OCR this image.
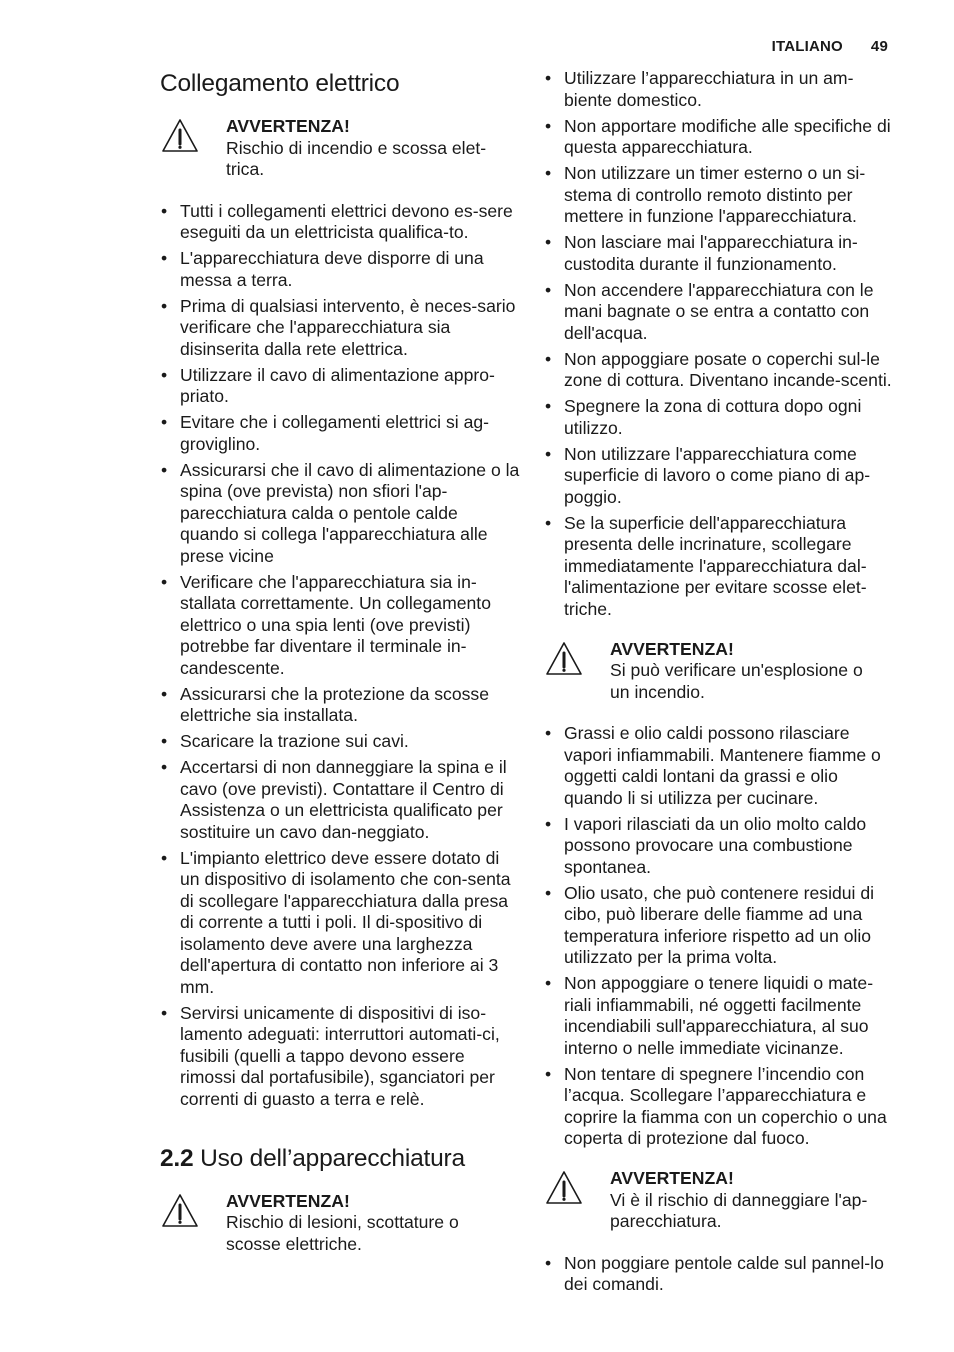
ITALIANO 49
Collegamento elettrico
AVVERTENZA!
Rischio di incendio e scossa elet-trica.
• Tutti i collegamenti elettrici devono es-sere eseguiti da un elettricista qualifica-to.
• L'apparecchiatura deve disporre di una messa a terra.
• Prima di qualsiasi intervento, è neces-sario verificare che l'apparecchiatura sia disinserita dalla rete elettrica.
• Utilizzare il cavo di alimentazione appro-priato.
• Evitare che i collegamenti elettrici si ag-groviglino.
• Assicurarsi che il cavo di alimentazione o la spina (ove prevista) non sfiori l'ap-parecchiatura calda o pentole calde quando si collega l'apparecchiatura alle prese vicine
• Verificare che l'apparecchiatura sia in-stallata correttamente. Un collegamento elettrico o una spia lenti (ove previsti) potrebbe far diventare il terminale in-candescente.
• Assicurarsi che la protezione da scosse elettriche sia installata.
• Scaricare la trazione sui cavi.
• Accertarsi di non danneggiare la spina e il cavo (ove previsti). Contattare il Centro di Assistenza o un elettricista qualificato per sostituire un cavo dan-neggiato.
• L'impianto elettrico deve essere dotato di un dispositivo di isolamento che con-senta di scollegare l'apparecchiatura dalla presa di corrente a tutti i poli. Il di-spositivo di isolamento deve avere una larghezza dell'apertura di contatto non inferiore ai 3 mm.
• Servirsi unicamente di dispositivi di iso-lamento adeguati: interruttori automati-ci, fusibili (quelli a tappo devono essere rimossi dal portafusibile), sganciatori per correnti di guasto a terra e relè.
2.2 Uso dell’apparecchiatura
AVVERTENZA!
Rischio di lesioni, scottature o scosse elettriche.
• Utilizzare l’apparecchiatura in un am-biente domestico.
• Non apportare modifiche alle specifiche di questa apparecchiatura.
• Non utilizzare un timer esterno o un si-stema di controllo remoto distinto per mettere in funzione l'apparecchiatura.
• Non lasciare mai l'apparecchiatura in-custodita durante il funzionamento.
• Non accendere l'apparecchiatura con le mani bagnate o se entra a contatto con dell'acqua.
• Non appoggiare posate o coperchi sul-le zone di cottura. Diventano incande-scenti.
• Spegnere la zona di cottura dopo ogni utilizzo.
• Non utilizzare l'apparecchiatura come superficie di lavoro o come piano di ap-poggio.
• Se la superficie dell'apparecchiatura presenta delle incrinature, scollegare immediatamente l'apparecchiatura dal-l'alimentazione per evitare scosse elet-triche.
AVVERTENZA!
Si può verificare un'esplosione o un incendio.
• Grassi e olio caldi possono rilasciare vapori infiammabili. Mantenere fiamme o oggetti caldi lontani da grassi e olio quando li si utilizza per cucinare.
• I vapori rilasciati da un olio molto caldo possono provocare una combustione spontanea.
• Olio usato, che può contenere residui di cibo, può liberare delle fiamme ad una temperatura inferiore rispetto ad un olio utilizzato per la prima volta.
• Non appoggiare o tenere liquidi o mate-riali infiammabili, né oggetti facilmente incendiabili sull'apparecchiatura, al suo interno o nelle immediate vicinanze.
• Non tentare di spegnere l’incendio con l’acqua. Scollegare l’apparecchiatura e coprire la fiamma con un coperchio o una coperta di protezione dal fuoco.
AVVERTENZA!
Vi è il rischio di danneggiare l'ap-parecchiatura.
• Non poggiare pentole calde sul pannel-lo dei comandi.
